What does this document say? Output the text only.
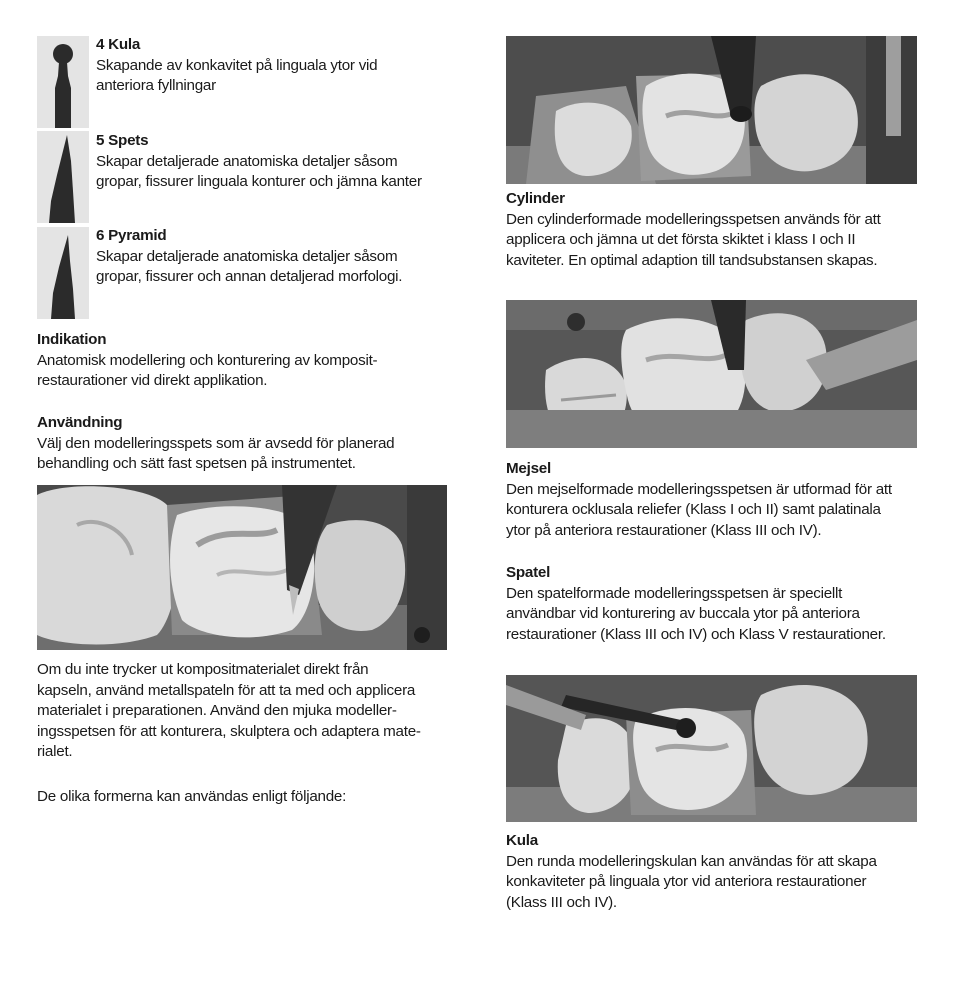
4 Kula
Skapande av konkavitet på linguala ytor vid
anteriora fyllningar
5 Spets
Skapar detaljerade anatomiska detaljer såsom
gropar, fissurer linguala konturer och jämna kanter
6 Pyramid
Skapar detaljerade anatomiska detaljer såsom
gropar, fissurer och annan detaljerad morfologi.
Indikation
Anatomisk modellering och konturering av komposit-
restaurationer vid direkt applikation.
Användning
Välj den modelleringsspets som är avsedd för planerad
behandling och sätt fast spetsen på instrumentet.
Om du inte trycker ut kompositmaterialet direkt från
kapseln, använd metallspateln för att ta med och applicera
materialet i preparationen. Använd den mjuka modeller-
ingsspetsen för att konturera, skulptera och adaptera mate-
rialet.
De olika formerna kan användas enligt följande:
Cylinder
Den cylinderformade modelleringsspetsen används för att
applicera och jämna ut det första skiktet i klass I och II
kaviteter. En optimal adaption till tandsubstansen skapas.
Mejsel
Den mejselformade modelleringsspetsen är utformad för att
konturera ocklusala reliefer (Klass I och II) samt palatinala
ytor på anteriora restaurationer (Klass III och IV).
Spatel
Den spatelformade modelleringsspetsen är speciellt
användbar vid konturering av buccala ytor på anteriora
restaurationer (Klass III och IV) och Klass V restaurationer.
Kula
Den runda modelleringskulan kan användas för att skapa
konkaviteter på linguala ytor vid anteriora restaurationer
(Klass III och IV).
